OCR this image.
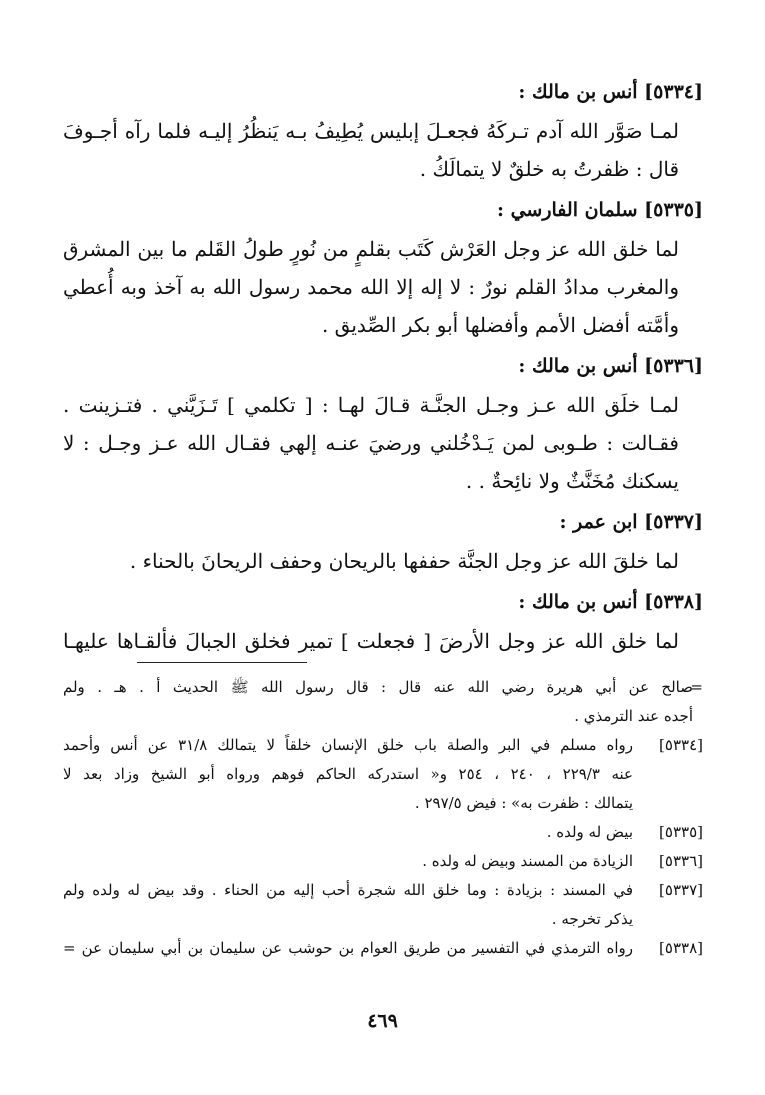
[٥٣٣٤] أنس بن مالك :
لمـا صَوَّر الله آدم تـركَهُ فجعـلَ إبليس يُطِيفُ بـه يَنظُرُ إليـه فلما رآه أجـوفَ
قال : ظفرتُ به خلقٌ لا يتمالَكُ .
[٥٣٣٥] سلمان الفارسي :
لما خلق الله عز وجل العَرْش كَتَب بقلمٍ من نُورٍ طولُ القَلم ما بين المشرق
والمغرب مدادُ القلم نورٌ : لا إله إلا الله محمد رسول الله به آخذ وبه أُعطي
وأمَّته أفضل الأمم وأفضلها أبو بكر الصِّديق .
[٥٣٣٦] أنس بن مالك :
لمـا خلَق الله عـز وجـل الجنَّـة قـالَ لهـا : [ تكلمي ] تَـزَيَّني . فتـزينت .
فقـالت : طـوبى لمن يَـدْخُلني ورضيَ عنـه إلهي فقـال الله عـز وجـل : لا
يسكنك مُخَنَّثٌ ولا نائِحةٌ . .
[٥٣٣٧] ابن عمر :
لما خلقَ الله عز وجل الجنَّة حففها بالريحان وحفف الريحانَ بالحناء .
[٥٣٣٨] أنس بن مالك :
لما خلق الله عز وجل الأرضَ [ فجعلت ] تمير فخلق الجبالَ فألقـاها عليهـا
=
صالح عن أبي هريرة رضي الله عنه قال : قال رسول الله ﷺ الحديث أ . هـ . ولم
أجده عند الترمذي .
[٥٣٣٤]
رواه مسلم في البر والصلة باب خلق الإنسان خلقاً لا يتمالك ٣١/٨ عن أنس وأحمد
عنه ٢٢٩/٣ ، ٢٤٠ ، ٢٥٤ و« استدركه الحاكم فوهم ورواه أبو الشيخ وزاد بعد لا
يتمالك : ظفرت به» : فيض ٢٩٧/٥ .
[٥٣٣٥]
بيض له ولده .
[٥٣٣٦]
الزيادة من المسند وبيض له ولده .
[٥٣٣٧]
في المسند : بزيادة : وما خلق الله شجرة أحب إليه من الحناء . وقد بيض له ولده ولم
يذكر تخرجه .
[٥٣٣٨]
رواه الترمذي في التفسير من طريق العوام بن حوشب عن سليمان بن أبي سليمان عن =
٤٦٩
